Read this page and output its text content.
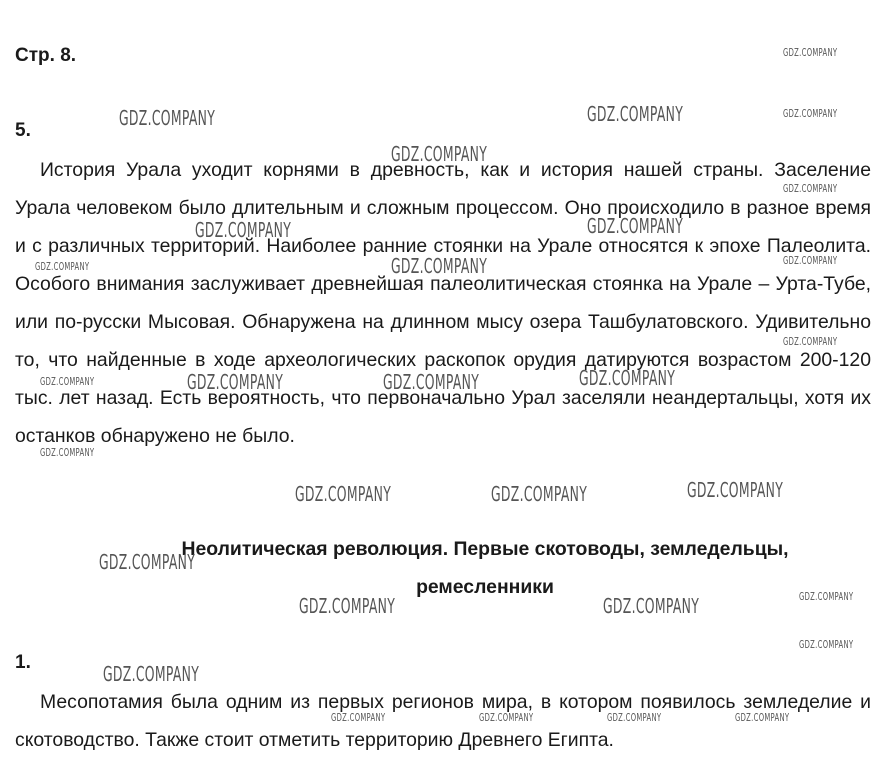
Стр. 8.
5.

История Урала уходит корнями в древность, как и история нашей страны. Заселение Урала человеком было длительным и сложным процессом. Оно происходило в разное время и с различных территорий. Наиболее ранние стоянки на Урале относятся к эпохе Палеолита. Особого внимания заслуживает древнейшая палеолитическая стоянка на Урале – Урта-Тубе, или по-русски Мысовая. Обнаружена на длинном мысу озера Ташбулатовского. Удивительно то, что найденные в ходе археологических раскопок орудия датируются возрастом 200-120 тыс. лет назад. Есть вероятность, что первоначально Урал заселяли неандертальцы, хотя их останков обнаружено не было.

Неолитическая революция. Первые скотоводы, земледельцы, ремесленники
1.

Месопотамия была одним из первых регионов мира, в котором появилось земледелие и скотоводство. Также стоит отметить территорию Древнего Египта.

GDZ.COMPANY
GDZ.COMPANY	GDZ.COMPANY	GDZ.COMPANY
GDZ.COMPANY
GDZ.COMPANY
GDZ.COMPANY	GDZ.COMPANY
GDZ.COMPANY	GDZ.COMPANY	GDZ.COMPANY
GDZ.COMPANY
GDZ.COMPANY	GDZ.COMPANY	GDZ.COMPANY	GDZ.COMPANY
GDZ.COMPANY
GDZ.COMPANY	GDZ.COMPANY	GDZ.COMPANY
GDZ.COMPANY
GDZ.COMPANY	GDZ.COMPANY	GDZ.COMPANY
GDZ.COMPANY
GDZ.COMPANY
GDZ.COMPANY	GDZ.COMPANY	GDZ.COMPANY	GDZ.COMPANY
